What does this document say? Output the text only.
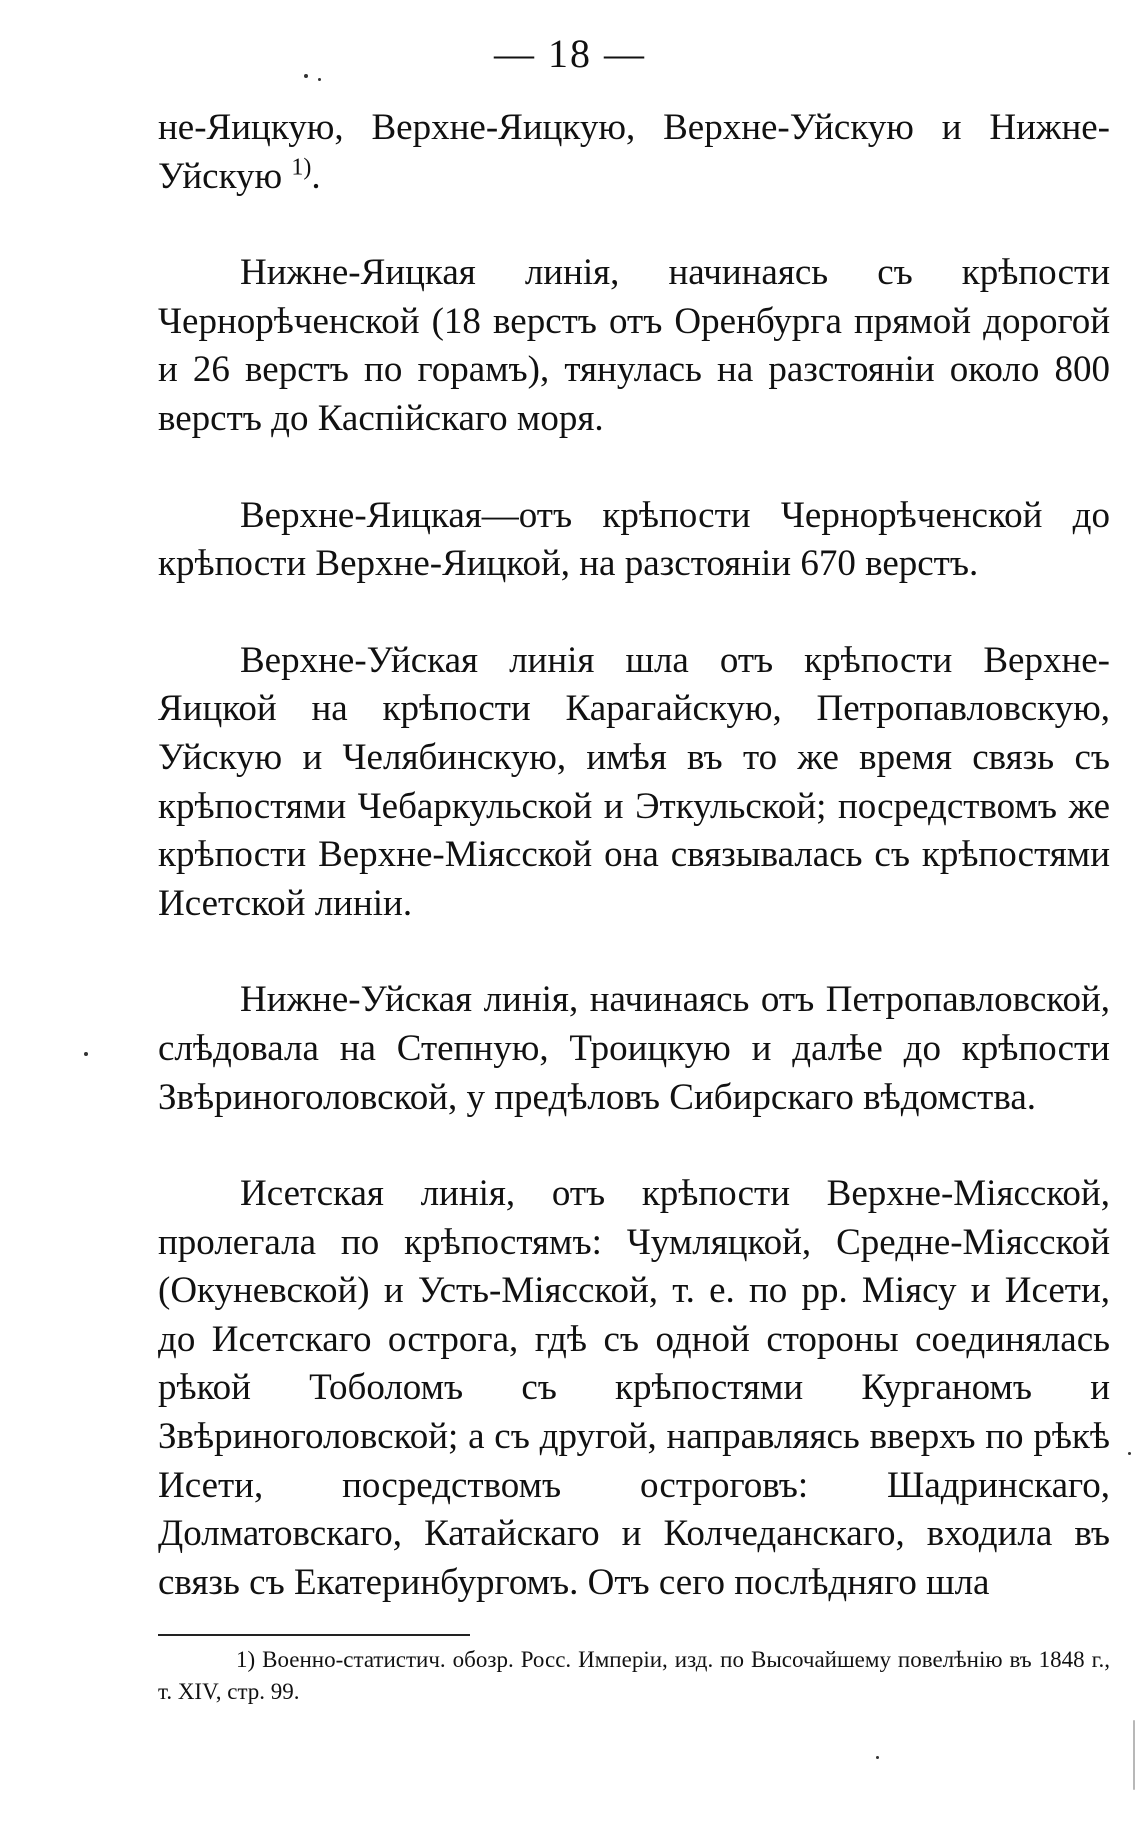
— 18 —

не-Яицкую, Верхне-Яицкую, Верхне-Уйскую и Нижне-Уйскую $^{1)}$.

Нижне-Яицкая линія, начинаясь съ крѣпости Чернорѣченской (18 верстъ отъ Оренбурга прямой дорогой и 26 верстъ по горамъ), тянулась на разстояніи около 800 верстъ до Каспійскаго моря.

Верхне-Яицкая—отъ крѣпости Чернорѣченской до крѣпости Верхне-Яицкой, на разстояніи 670 верстъ.

Верхне-Уйская линія шла отъ крѣпости Верхне-Яицкой на крѣпости Карагайскую, Петропавловскую, Уйскую и Челябинскую, имѣя въ то же время связь съ крѣпостями Чебаркульской и Эткульской; посредствомъ же крѣпости Верхне-Міясской она связывалась съ крѣпостями Исетской линіи.

Нижне-Уйская линія, начинаясь отъ Петропавловской, слѣдовала на Степную, Троицкую и далѣе до крѣпости Звѣриноголовской, у предѣловъ Сибирскаго вѣдомства.

Исетская линія, отъ крѣпости Верхне-Міясской, пролегала по крѣпостямъ: Чумляцкой, Средне-Міясской (Окуневской) и Усть-Міясской, т. е. по рр. Міясу и Исети, до Исетскаго острога, гдѣ съ одной стороны соединялась рѣкой Тоболомъ съ крѣпостями Курганомъ и Звѣриноголовской; а съ другой, направляясь вверхъ по рѣкѣ Исети, посредствомъ остроговъ: Шадринскаго, Долматовскаго, Катайскаго и Колчеданскаго, входила въ связь съ Екатеринбургомъ. Отъ сего послѣдняго шла

1) Военно-статистич. обозр. Росс. Имперіи, изд. по Высочайшему повелѣнію въ 1848 г., т. XIV, стр. 99.
